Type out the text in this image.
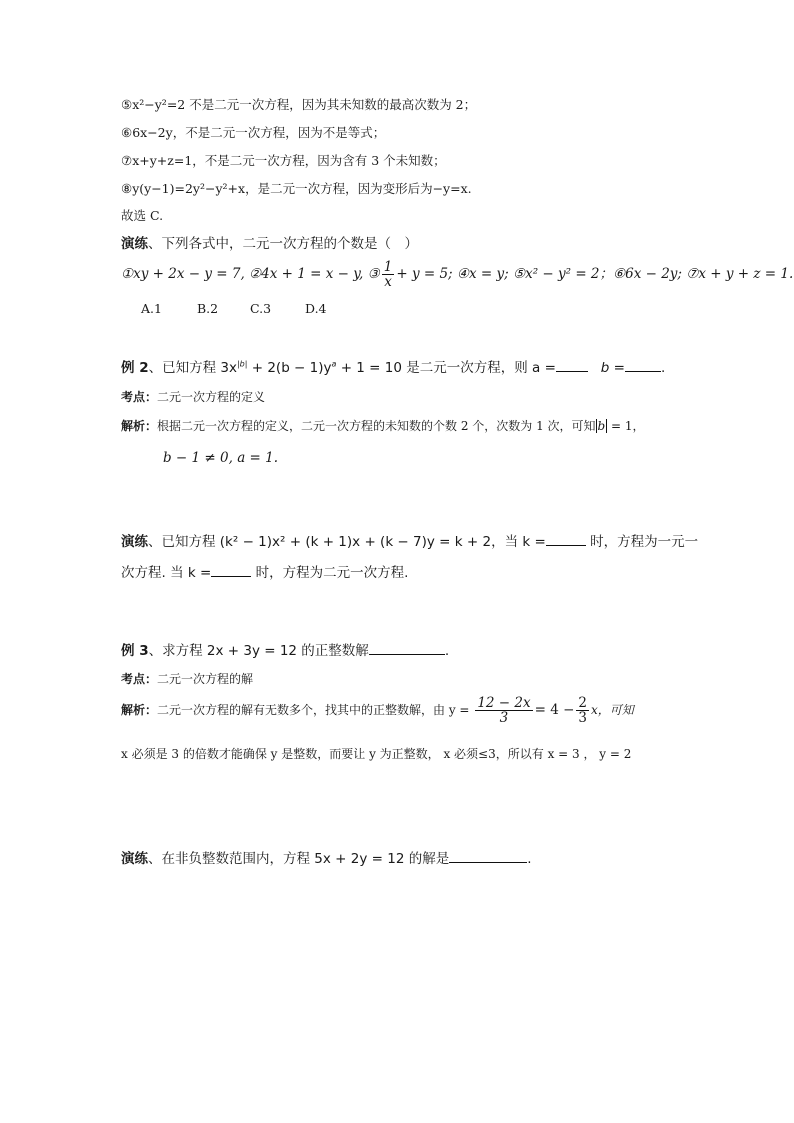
⑤x²−y²=2 不是二元一次方程，因为其未知数的最高次数为 2；
⑥6x−2y，不是二元一次方程，因为不是等式；
⑦x+y+z=1，不是二元一次方程，因为含有 3 个未知数；
⑧y(y−1)=2y²−y²+x，是二元一次方程，因为变形后为−y=x.
故选 C.
演练、下列各式中，二元一次方程的个数是（　）
①xy + 2x − y = 7, ②4x + 1 = x − y, ③ $\frac{1}{x} + y = 5$; ④x = y; ⑤x² − y² = 2；⑥6x − 2y; ⑦x + y + z = 1.
A.1	B.2	C.3	D.4
例 2、已知方程 $3x^{|b|} + 2(b - 1)y^a + 1 = 10$ 是二元一次方程，则 a =	b =	.
考点：二元一次方程的定义
解析：根据二元一次方程的定义，二元一次方程的未知数的个数 2 个，次数为 1 次，可知 b = 1，
b − 1 ≠ 0, a = 1.
演练、已知方程 (k² − 1)x² + (k + 1)x + (k − 7)y = k + 2，当 k =	时，方程为一元一
次方程. 当 k =	时，方程为二元一次方程.
例 3、求方程 2x + 3y = 12 的正整数解	.
考点：二元一次方程的解
解析：二元一次方程的解有无数多个，找其中的正整数解，由 $y = \frac{12 - 2x}{3} = 4 - \frac{2}{3}$ x，可知
x 必须是 3 的倍数才能确保 y 是整数，而要让 y 为正整数， x 必须≤3，所以有 x = 3 ， y = 2
演练、在非负整数范围内，方程 5x + 2y = 12 的解是	.
